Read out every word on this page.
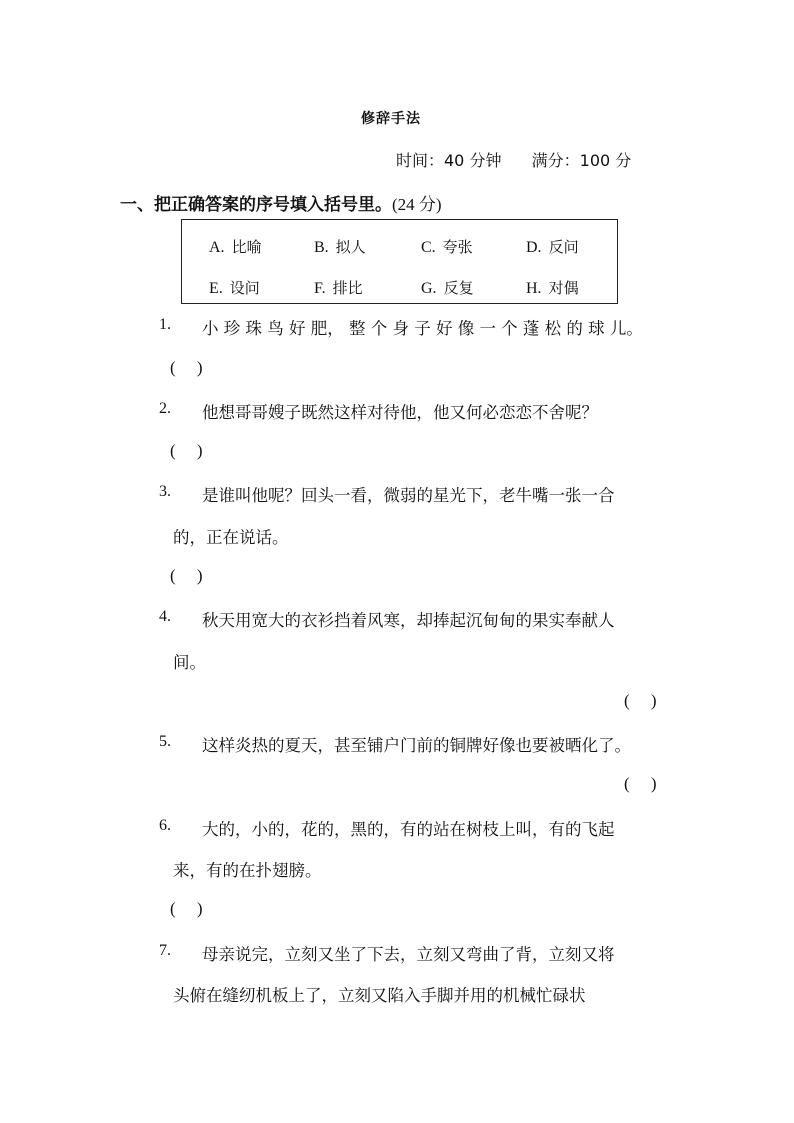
修辞手法
时间：40 分钟 满分：100 分
一、把正确答案的序号填入括号里。(24 分)
A. 比喻	B. 拟人	C. 夸张	D. 反问
E. 设问	F. 排比	G. 反复	H. 对偶
1. 小 珍 珠 鸟 好 肥， 整 个 身 子 好 像 一 个 蓬 松 的 球 儿。
(     )
2. 他想哥哥嫂子既然这样对待他，他又何必恋恋不舍呢？
(     )
3. 是谁叫他呢？回头一看，微弱的星光下，老牛嘴一张一合
的，正在说话。
(     )
4. 秋天用宽大的衣衫挡着风寒，却捧起沉甸甸的果实奉献人
间。
(     )
5. 这样炎热的夏天，甚至铺户门前的铜牌好像也要被晒化了。
(     )
6. 大的，小的，花的，黑的，有的站在树枝上叫，有的飞起
来，有的在扑翅膀。
(     )
7. 母亲说完，立刻又坐了下去，立刻又弯曲了背，立刻又将
头俯在缝纫机板上了，立刻又陷入手脚并用的机械忙碌状
